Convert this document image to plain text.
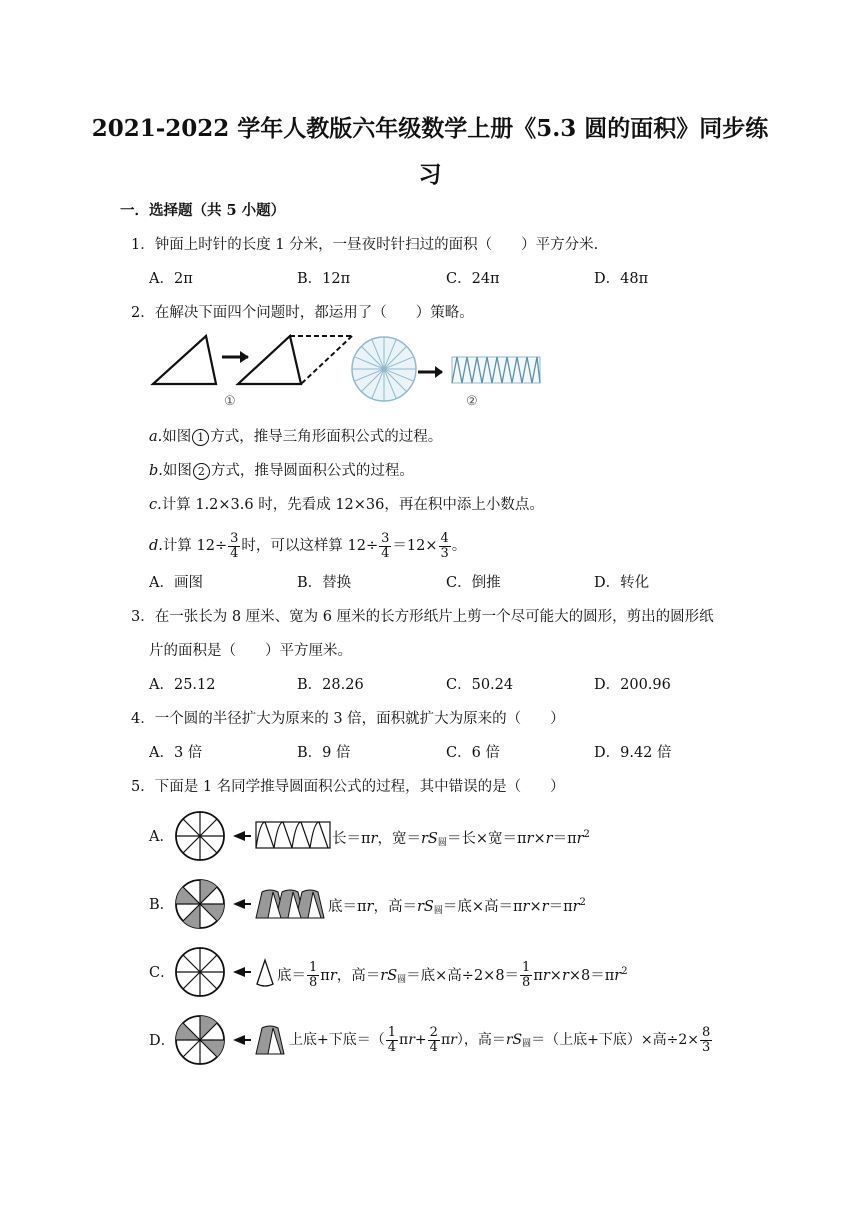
2021-2022 学年人教版六年级数学上册《5.3 圆的面积》同步练
习
一．选择题（共 5 小题）
1．钟面上时针的长度 1 分米，一昼夜时针扫过的面积（　　）平方分米.
A．2π	B．12π	C．24π	D．48π
2．在解决下面四个问题时，都运用了（　　）策略。
①	②
a.如图 1 方式，推导三角形面积公式的过程。
b.如图 2 方式，推导圆面积公式的过程。
c.计算 1.2×3.6 时，先看成 12×36，再在积中添上小数点。
d.计算 $12\div \frac{3}{4}$ 时，可以这样算 $12\div \frac{3}{4} =12\times \frac{4}{3}$ 。
A．画图	B．替换	C．倒推	D．转化
3．在一张长为 8 厘米、宽为 6 厘米的长方形纸片上剪一个尽可能大的圆形，剪出的圆形纸
片的面积是（　　）平方厘米。
A．25.12	B．28.26	C．50.24	D．200.96
4．一个圆的半径扩大为原来的 3 倍，面积就扩大为原来的（　　）
A．3 倍	B．9 倍	C．6 倍	D．9.42 倍
5．下面是 1 名同学推导圆面积公式的过程，其中错误的是（　　）
A．	长＝πr，宽$=rS_圆=$长×宽$=\pi r\times r=\pi r^2$
B．	底＝πr，高$=rS_圆=$底×高$=\pi r\times r=\pi r^2$
C．	底＝ $\frac{1}{8}$ πr，高$=rS_圆=$底×高$\div 2\times 8= \frac{1}{8} \pi r\times r\times 8=\pi r^2$
D．	上底+下底＝（ $\frac{1}{4} \pi r+ \frac{2}{4} \pi r$），高$=rS_圆=$（上底+下底）×高$\div 2\times \frac{8}{3}$
